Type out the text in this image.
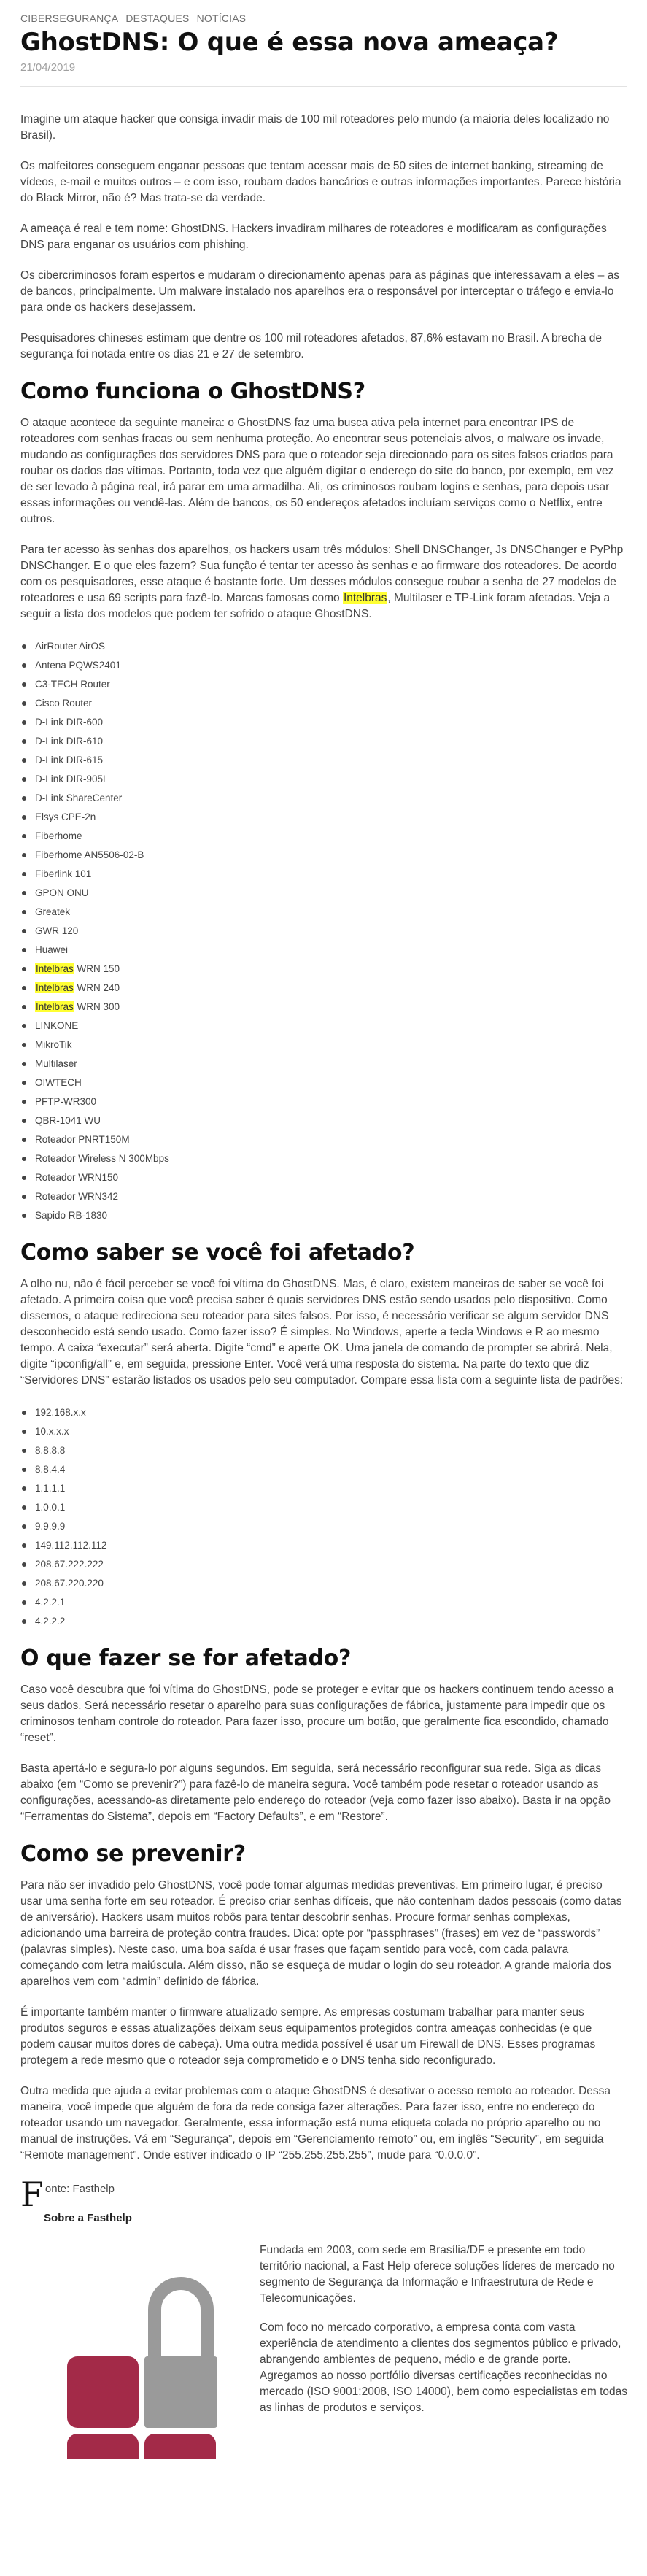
CIBERSEGURANÇA DESTAQUES NOTÍCIAS
GhostDNS: O que é essa nova ameaça?
21/04/2019

Imagine um ataque hacker que consiga invadir mais de 100 mil roteadores pelo mundo (a maioria deles localizado no Brasil).

Os malfeitores conseguem enganar pessoas que tentam acessar mais de 50 sites de internet banking, streaming de vídeos, e-mail e muitos outros – e com isso, roubam dados bancários e outras informações importantes. Parece história do Black Mirror, não é? Mas trata-se da verdade.

A ameaça é real e tem nome: GhostDNS. Hackers invadiram milhares de roteadores e modificaram as configurações DNS para enganar os usuários com phishing.

Os cibercriminosos foram espertos e mudaram o direcionamento apenas para as páginas que interessavam a eles – as de bancos, principalmente. Um malware instalado nos aparelhos era o responsável por interceptar o tráfego e envia-lo para onde os hackers desejassem.

Pesquisadores chineses estimam que dentre os 100 mil roteadores afetados, 87,6% estavam no Brasil. A brecha de segurança foi notada entre os dias 21 e 27 de setembro.

Como funciona o GhostDNS?

O ataque acontece da seguinte maneira: o GhostDNS faz uma busca ativa pela internet para encontrar IPS de roteadores com senhas fracas ou sem nenhuma proteção. Ao encontrar seus potenciais alvos, o malware os invade, mudando as configurações dos servidores DNS para que o roteador seja direcionado para os sites falsos criados para roubar os dados das vítimas. Portanto, toda vez que alguém digitar o endereço do site do banco, por exemplo, em vez de ser levado à página real, irá parar em uma armadilha. Ali, os criminosos roubam logins e senhas, para depois usar essas informações ou vendê-las. Além de bancos, os 50 endereços afetados incluíam serviços como o Netflix, entre outros.

Para ter acesso às senhas dos aparelhos, os hackers usam três módulos: Shell DNSChanger, Js DNSChanger e PyPhp DNSChanger. E o que eles fazem? Sua função é tentar ter acesso às senhas e ao firmware dos roteadores. De acordo com os pesquisadores, esse ataque é bastante forte. Um desses módulos consegue roubar a senha de 27 modelos de roteadores e usa 69 scripts para fazê-lo. Marcas famosas como Intelbras, Multilaser e TP-Link foram afetadas. Veja a seguir a lista dos modelos que podem ter sofrido o ataque GhostDNS.

AirRouter AirOS
Antena PQWS2401
C3-TECH Router
Cisco Router
D-Link DIR-600
D-Link DIR-610
D-Link DIR-615
D-Link DIR-905L
D-Link ShareCenter
Elsys CPE-2n
Fiberhome
Fiberhome AN5506-02-B
Fiberlink 101
GPON ONU
Greatek
GWR 120
Huawei
Intelbras WRN 150
Intelbras WRN 240
Intelbras WRN 300
LINKONE
MikroTik
Multilaser
OIWTECH
PFTP-WR300
QBR-1041 WU
Roteador PNRT150M
Roteador Wireless N 300Mbps
Roteador WRN150
Roteador WRN342
Sapido RB-1830
Como saber se você foi afetado?

A olho nu, não é fácil perceber se você foi vítima do GhostDNS. Mas, é claro, existem maneiras de saber se você foi afetado. A primeira coisa que você precisa saber é quais servidores DNS estão sendo usados pelo dispositivo. Como dissemos, o ataque redireciona seu roteador para sites falsos. Por isso, é necessário verificar se algum servidor DNS desconhecido está sendo usado. Como fazer isso? É simples. No Windows, aperte a tecla Windows e R ao mesmo tempo. A caixa “executar” será aberta. Digite “cmd” e aperte OK. Uma janela de comando de prompter se abrirá. Nela, digite “ipconfig/all” e, em seguida, pressione Enter. Você verá uma resposta do sistema. Na parte do texto que diz “Servidores DNS” estarão listados os usados pelo seu computador. Compare essa lista com a seguinte lista de padrões:

192.168.x.x
10.x.x.x
8.8.8.8
8.8.4.4
1.1.1.1
1.0.0.1
9.9.9.9
149.112.112.112
208.67.222.222
208.67.220.220
4.2.2.1
4.2.2.2
O que fazer se for afetado?

Caso você descubra que foi vítima do GhostDNS, pode se proteger e evitar que os hackers continuem tendo acesso a seus dados. Será necessário resetar o aparelho para suas configurações de fábrica, justamente para impedir que os criminosos tenham controle do roteador. Para fazer isso, procure um botão, que geralmente fica escondido, chamado “reset”.

Basta apertá-lo e segura-lo por alguns segundos. Em seguida, será necessário reconfigurar sua rede. Siga as dicas abaixo (em “Como se prevenir?”) para fazê-lo de maneira segura. Você também pode resetar o roteador usando as configurações, acessando-as diretamente pelo endereço do roteador (veja como fazer isso abaixo). Basta ir na opção “Ferramentas do Sistema”, depois em “Factory Defaults”, e em “Restore”.

Como se prevenir?

Para não ser invadido pelo GhostDNS, você pode tomar algumas medidas preventivas. Em primeiro lugar, é preciso usar uma senha forte em seu roteador. É preciso criar senhas difíceis, que não contenham dados pessoais (como datas de aniversário). Hackers usam muitos robôs para tentar descobrir senhas. Procure formar senhas complexas, adicionando uma barreira de proteção contra fraudes. Dica: opte por “passphrases” (frases) em vez de “passwords” (palavras simples). Neste caso, uma boa saída é usar frases que façam sentido para você, com cada palavra começando com letra maiúscula. Além disso, não se esqueça de mudar o login do seu roteador. A grande maioria dos aparelhos vem com “admin” definido de fábrica.

É importante também manter o firmware atualizado sempre. As empresas costumam trabalhar para manter seus produtos seguros e essas atualizações deixam seus equipamentos protegidos contra ameaças conhecidas (e que podem causar muitos dores de cabeça). Uma outra medida possível é usar um Firewall de DNS. Esses programas protegem a rede mesmo que o roteador seja comprometido e o DNS tenha sido reconfigurado.

Outra medida que ajuda a evitar problemas com o ataque GhostDNS é desativar o acesso remoto ao roteador. Dessa maneira, você impede que alguém de fora da rede consiga fazer alterações. Para fazer isso, entre no endereço do roteador usando um navegador. Geralmente, essa informação está numa etiqueta colada no próprio aparelho ou no manual de instruções. Vá em “Segurança”, depois em “Gerenciamento remoto” ou, em inglês “Security”, em seguida “Remote management”. Onde estiver indicado o IP “255.255.255.255”, mude para “0.0.0.0”.

F onte: Fasthelp
Sobre a Fasthelp

Fundada em 2003, com sede em Brasília/DF e presente em todo território nacional, a Fast Help oferece soluções líderes de mercado no segmento de Segurança da Informação e Infraestrutura de Rede e Telecomunicações.

Com foco no mercado corporativo, a empresa conta com vasta experiência de atendimento a clientes dos segmentos público e privado, abrangendo ambientes de pequeno, médio e de grande porte. Agregamos ao nosso portfólio diversas certificações reconhecidas no mercado (ISO 9001:2008, ISO 14000), bem como especialistas em todas as linhas de produtos e serviços.
